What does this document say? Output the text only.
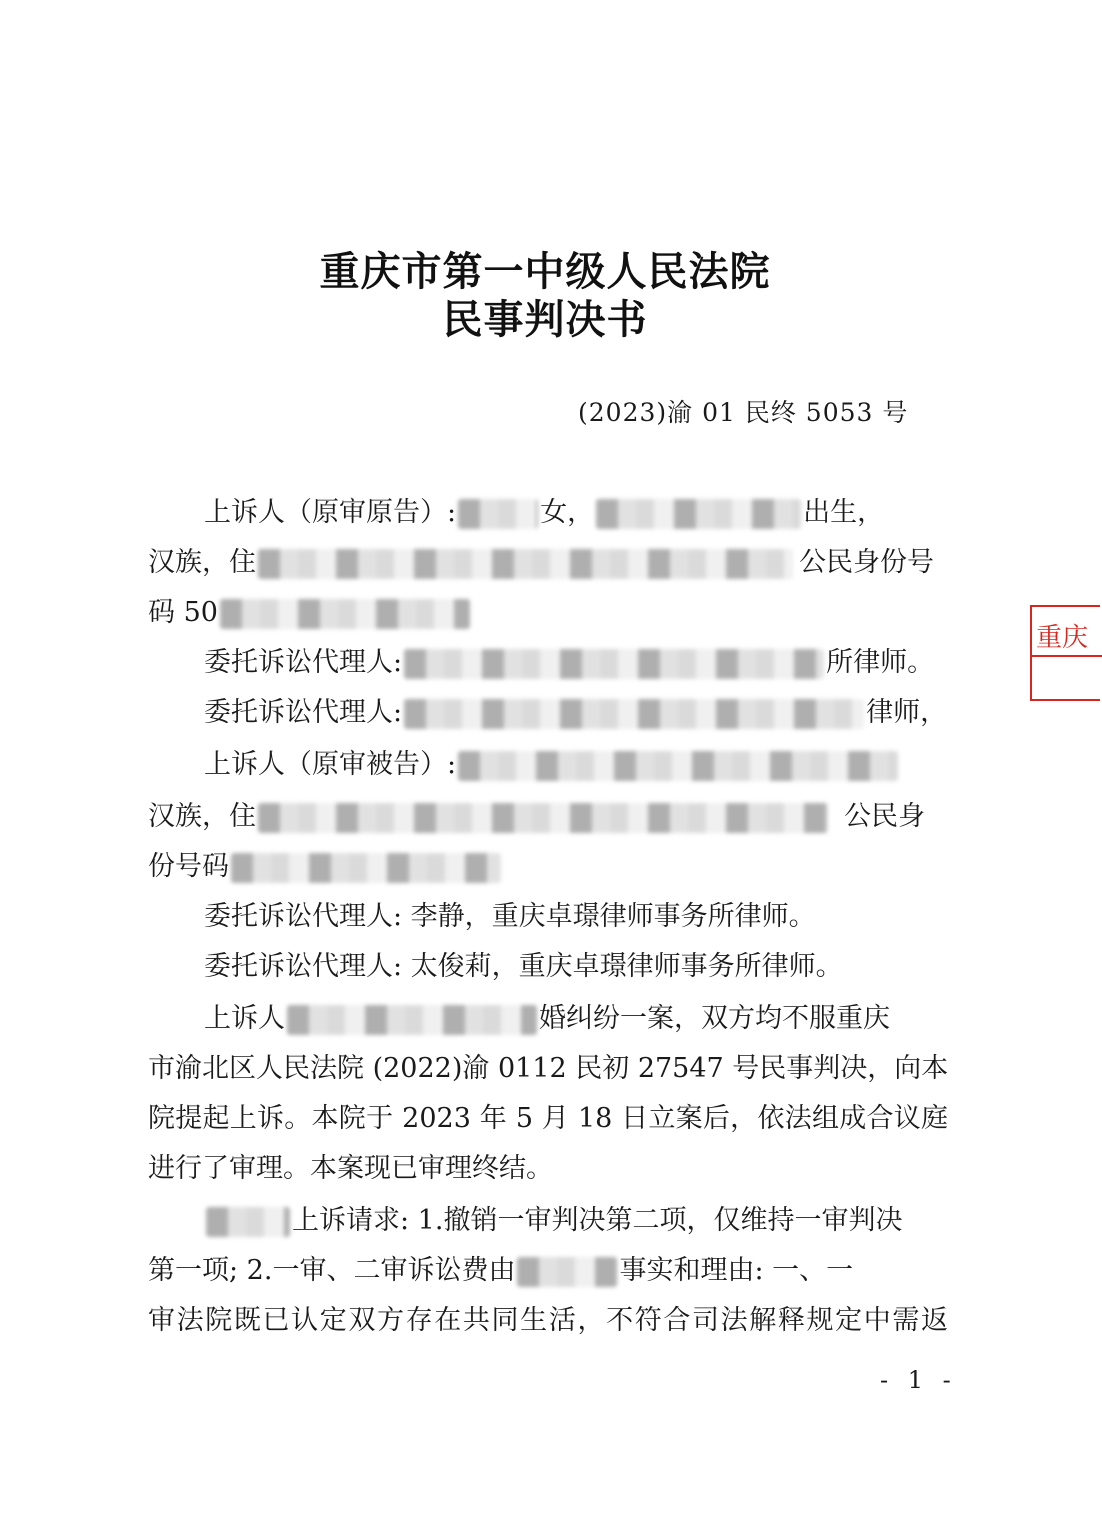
重庆市第一中级人民法院
民事判决书
(2023)渝 01 民终 5053 号
上诉人（原审原告）:	女，	出生，
汉族，住	公民身份号
码 50
委托诉讼代理人:	所律师。
委托诉讼代理人:	律师，
上诉人（原审被告）:
汉族，住	公民身
份号码
委托诉讼代理人: 李静，重庆卓璟律师事务所律师。
委托诉讼代理人: 太俊莉，重庆卓璟律师事务所律师。
上诉人	婚纠纷一案，双方均不服重庆
市渝北区人民法院 (2022)渝 0112 民初 27547 号民事判决，向本
院提起上诉。本院于 2023 年 5 月 18 日立案后，依法组成合议庭
进行了审理。本案现已审理终结。
上诉请求: 1.撤销一审判决第二项，仅维持一审判决
第一项; 2.一审、二审诉讼费由	事实和理由: 一、一
审法院既已认定双方存在共同生活，不符合司法解释规定中需返
- 1 -
重庆
